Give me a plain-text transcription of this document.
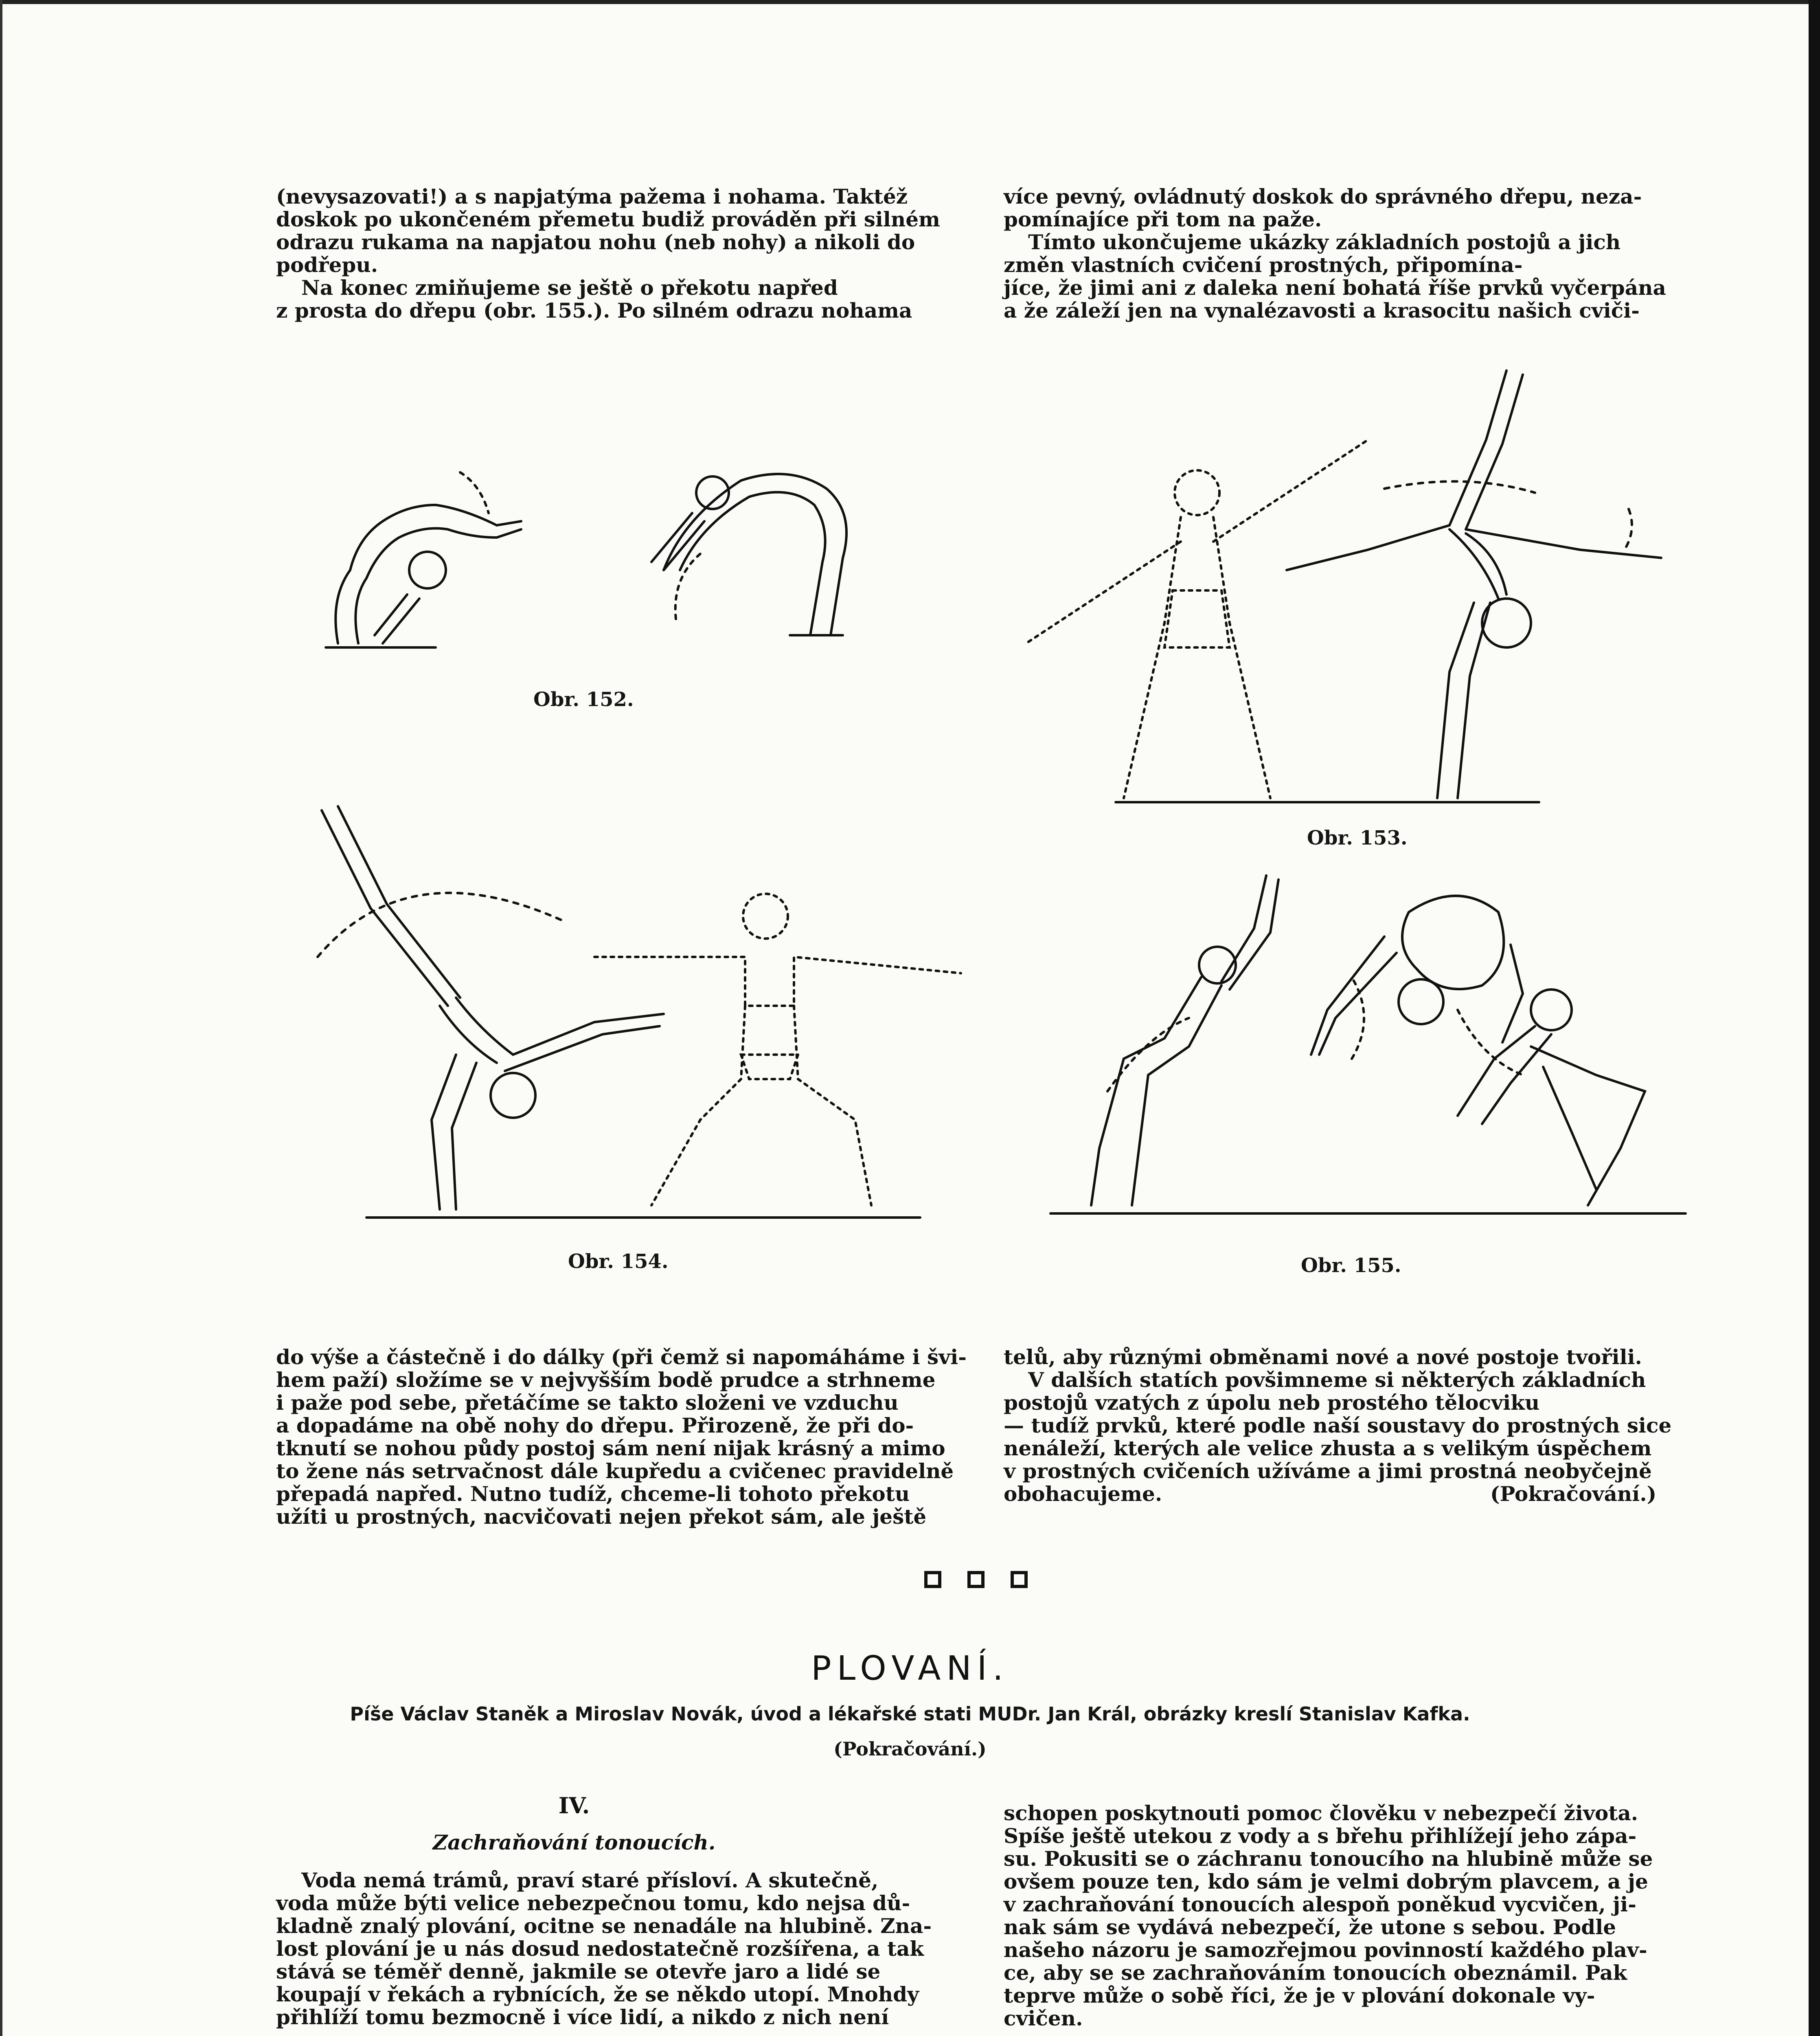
(nevysazovati!) a s napjatýma pažema i nohama. Taktéž

doskok po ukončeném přemetu budiž prováděn při silném

odrazu rukama na napjatou nohu (neb nohy) a nikoli do

podřepu.

Na konec zmiňujeme se ještě o překotu napřed

z prosta do dřepu (obr. 155.). Po silném odrazu nohama

více pevný, ovládnutý doskok do správného dřepu, neza-

pomínajíce při tom na paže.

Tímto ukončujeme ukázky základních postojů a jich

změn vlastních cvičení prostných, připomína-

jíce, že jimi ani z daleka není bohatá říše prvků vyčerpána

a že záleží jen na vynalézavosti a krasocitu našich cviči-

Obr. 152.
Obr. 153.
Obr. 154.	Obr. 155.

do výše a částečně i do dálky (při čemž si napomáháme i švi-

hem paží) složíme se v nejvyšším bodě prudce a strhneme

i paže pod sebe, přetáčíme se takto složeni ve vzduchu

a dopadáme na obě nohy do dřepu. Přirozeně, že při do-

tknutí se nohou půdy postoj sám není nijak krásný a mimo

to žene nás setrvačnost dále kupředu a cvičenec pravidelně

přepadá napřed. Nutno tudíž, chceme-li tohoto překotu

užíti u prostných, nacvičovati nejen překot sám, ale ještě

telů, aby různými obměnami nové a nové postoje tvořili.

V dalších statích povšimneme si některých základních

postojů vzatých z úpolu neb prostého tělocviku

— tudíž prvků, které podle naší soustavy do prostných sice

nenáleží, kterých ale velice zhusta a s velikým úspěchem

v prostných cvičeních užíváme a jimi prostná neobyčejně

obohacujeme.	(Pokračování.)

PLOVANÍ.
Píše Václav Staněk a Miroslav Novák, úvod a lékařské stati MUDr. Jan Král, obrázky kreslí Stanislav Kafka.
(Pokračování.)
IV.
Zachraňování tonoucích.

Voda nemá trámů, praví staré přísloví. A skutečně,

voda může býti velice nebezpečnou tomu, kdo nejsa dů-

kladně znalý plování, ocitne se nenadále na hlubině. Zna-

lost plování je u nás dosud nedostatečně rozšířena, a tak

stává se téměř denně, jakmile se otevře jaro a lidé se

koupají v řekách a rybnících, že se někdo utopí. Mnohdy

přihlíží tomu bezmocně i více lidí, a nikdo z nich není

schopen poskytnouti pomoc člověku v nebezpečí života.

Spíše ještě utekou z vody a s břehu přihlížejí jeho zápa-

su. Pokusiti se o záchranu tonoucího na hlubině může se

ovšem pouze ten, kdo sám je velmi dobrým plavcem, a je

v zachraňování tonoucích alespoň poněkud vycvičen, ji-

nak sám se vydává nebezpečí, že utone s sebou. Podle

našeho názoru je samozřejmou povinností každého plav-

ce, aby se se zachraňováním tonoucích obeznámil. Pak

teprve může o sobě říci, že je v plování dokonale vy-

cvičen.
